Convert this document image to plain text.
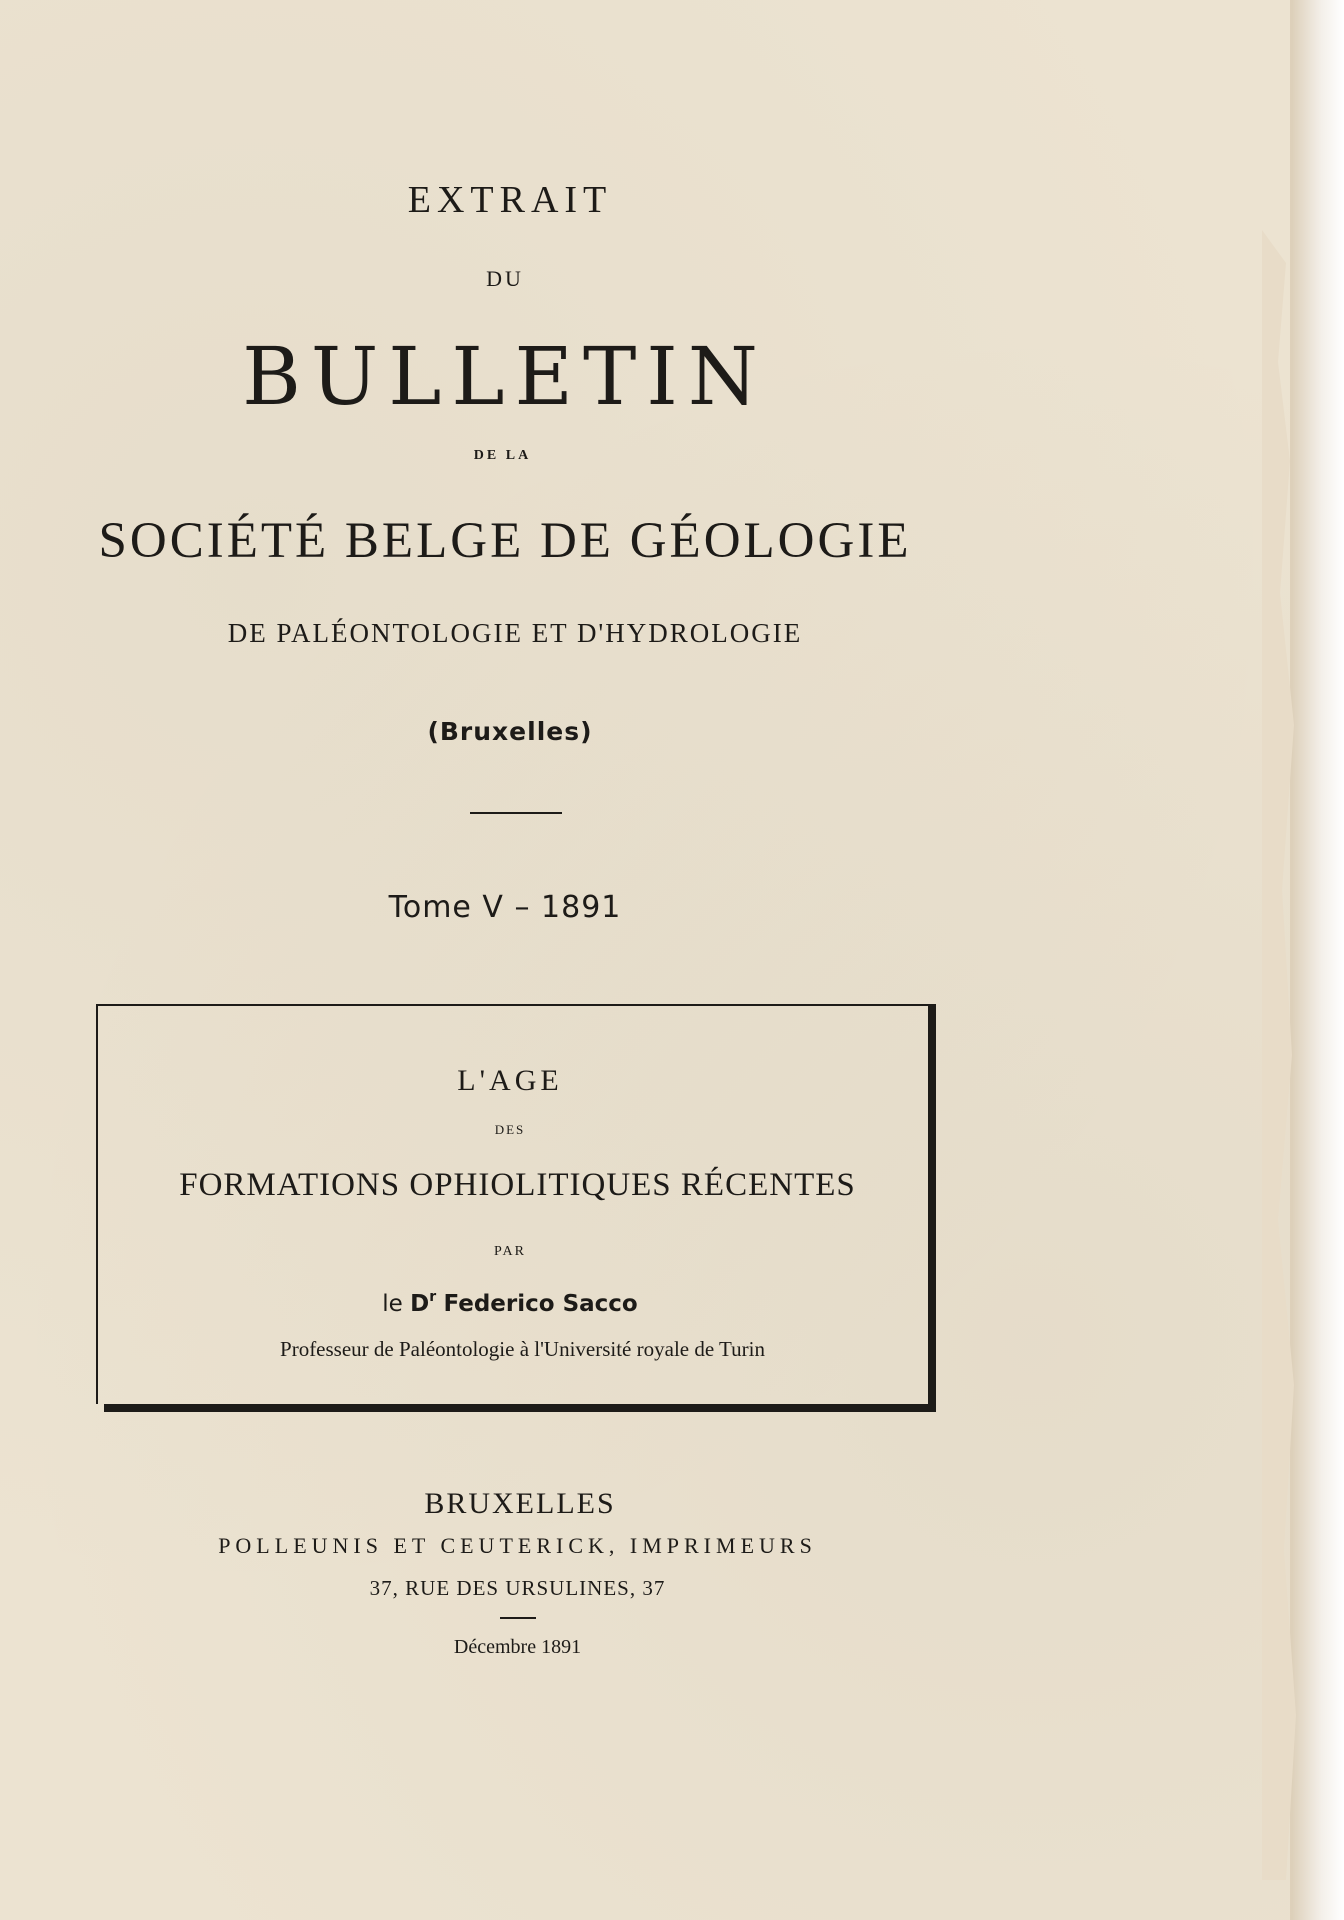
EXTRAIT
DU
BULLETIN
DE LA
SOCIÉTÉ BELGE DE GÉOLOGIE
DE PALÉONTOLOGIE ET D'HYDROLOGIE
(Bruxelles)
Tome V – 1891
L'AGE
DES
FORMATIONS OPHIOLITIQUES RÉCENTES
PAR
le $D^r$ Federico Sacco
Professeur de Paléontologie à l'Université royale de Turin
BRUXELLES
POLLEUNIS ET CEUTERICK, IMPRIMEURS
37, RUE DES URSULINES, 37
Décembre 1891
